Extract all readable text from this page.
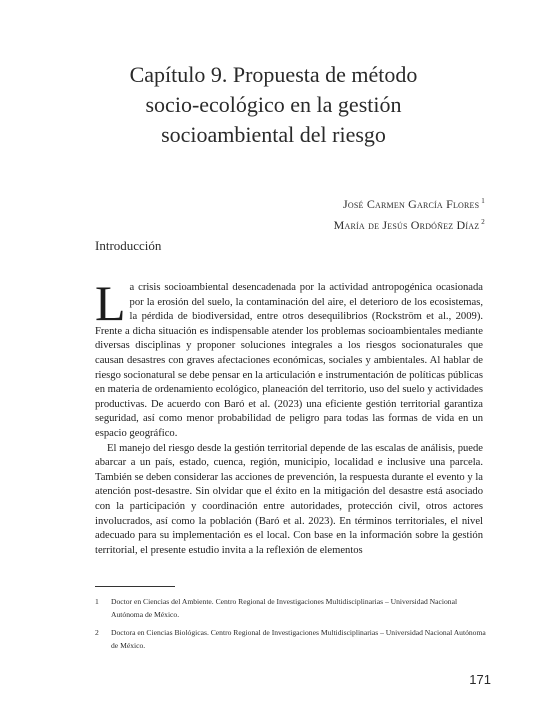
Capítulo 9. Propuesta de método
socio-ecológico en la gestión
socioambiental del riesgo
José Carmen García Flores $^1$
María de Jesús Ordóñez Díaz $^2$
Introducción

La crisis socioambiental desencadenada por la actividad antropogénica ocasionada por la erosión del suelo, la contaminación del aire, el deterioro de los ecosistemas, la pérdida de biodiversidad, entre otros desequilibrios (Rockström et al., 2009). Frente a dicha situación es indispensable atender los problemas socioambientales mediante diversas disciplinas y proponer soluciones integrales a los riesgos socionaturales que causan desastres con graves afectaciones económicas, sociales y ambientales. Al hablar de riesgo socionatural se debe pensar en la articulación e instrumentación de políticas públicas en materia de ordenamiento ecológico, planeación del territorio, uso del suelo y actividades productivas. De acuerdo con Baró et al. (2023) una eficiente gestión territorial garantiza seguridad, así como menor probabilidad de peligro para todas las formas de vida en un espacio geográfico.

El manejo del riesgo desde la gestión territorial depende de las escalas de análisis, puede abarcar a un país, estado, cuenca, región, municipio, localidad e inclusive una parcela. También se deben considerar las acciones de prevención, la respuesta durante el evento y la atención post-desastre. Sin olvidar que el éxito en la mitigación del desastre está asociado con la participación y coordinación entre autoridades, protección civil, otros actores involucrados, así como la población (Baró et al. 2023). En términos territoriales, el nivel adecuado para su implementación es el local. Con base en la información sobre la gestión territorial, el presente estudio invita a la reflexión de elementos

1	Doctor en Ciencias del Ambiente. Centro Regional de Investigaciones Multidisciplinarias – Universidad Nacional Autónoma de México.
2	Doctora en Ciencias Biológicas. Centro Regional de Investigaciones Multidisciplinarias – Universidad Nacional Autónoma de México.
171
